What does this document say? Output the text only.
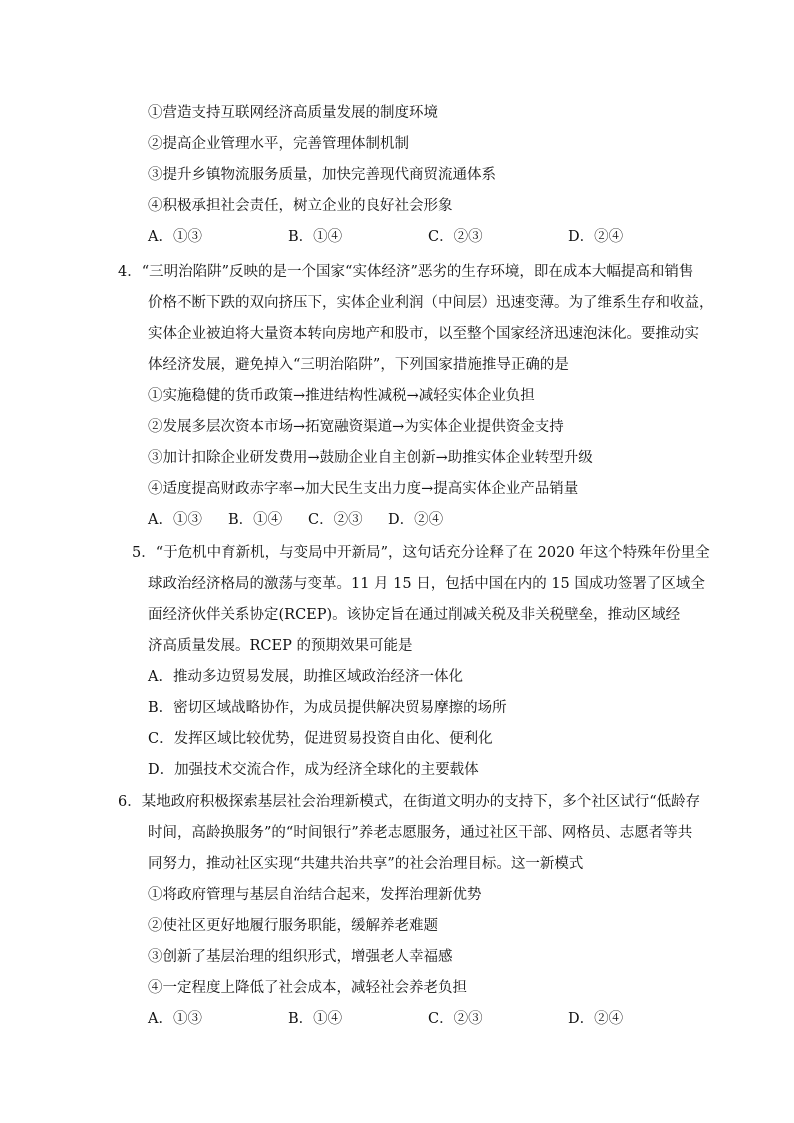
①营造支持互联网经济高质量发展的制度环境
②提高企业管理水平，完善管理体制机制
③提升乡镇物流服务质量，加快完善现代商贸流通体系
④积极承担社会责任，树立企业的良好社会形象
A．①③	B．①④	C．②③	D．②④
4．“三明治陷阱”反映的是一个国家“实体经济”恶劣的生存环境，即在成本大幅提高和销售
价格不断下跌的双向挤压下，实体企业利润（中间层）迅速变薄。为了维系生存和收益，
实体企业被迫将大量资本转向房地产和股市，以至整个国家经济迅速泡沫化。要推动实
体经济发展，避免掉入“三明治陷阱”，下列国家措施推导正确的是
①实施稳健的货币政策→推进结构性减税→减轻实体企业负担
②发展多层次资本市场→拓宽融资渠道→为实体企业提供资金支持
③加计扣除企业研发费用→鼓励企业自主创新→助推实体企业转型升级
④适度提高财政赤字率→加大民生支出力度→提高实体企业产品销量
A．①③ B．①④ C．②③ D．②④
5．“于危机中育新机，与变局中开新局”，这句话充分诠释了在 2020 年这个特殊年份里全
球政治经济格局的激荡与变革。11 月 15 日，包括中国在内的 15 国成功签署了区域全
面经济伙伴关系协定(RCEP)。该协定旨在通过削减关税及非关税壁垒，推动区域经
济高质量发展。RCEP 的预期效果可能是
A．推动多边贸易发展，助推区域政治经济一体化
B．密切区域战略协作，为成员提供解决贸易摩擦的场所
C．发挥区域比较优势，促进贸易投资自由化、便利化
D．加强技术交流合作，成为经济全球化的主要载体
6．某地政府积极探索基层社会治理新模式，在街道文明办的支持下，多个社区试行“低龄存
时间，高龄换服务”的“时间银行”养老志愿服务，通过社区干部、网格员、志愿者等共
同努力，推动社区实现“共建共治共享”的社会治理目标。这一新模式
①将政府管理与基层自治结合起来，发挥治理新优势
②使社区更好地履行服务职能，缓解养老难题
③创新了基层治理的组织形式，增强老人幸福感
④一定程度上降低了社会成本，减轻社会养老负担
A．①③	B．①④	C．②③	D．②④
